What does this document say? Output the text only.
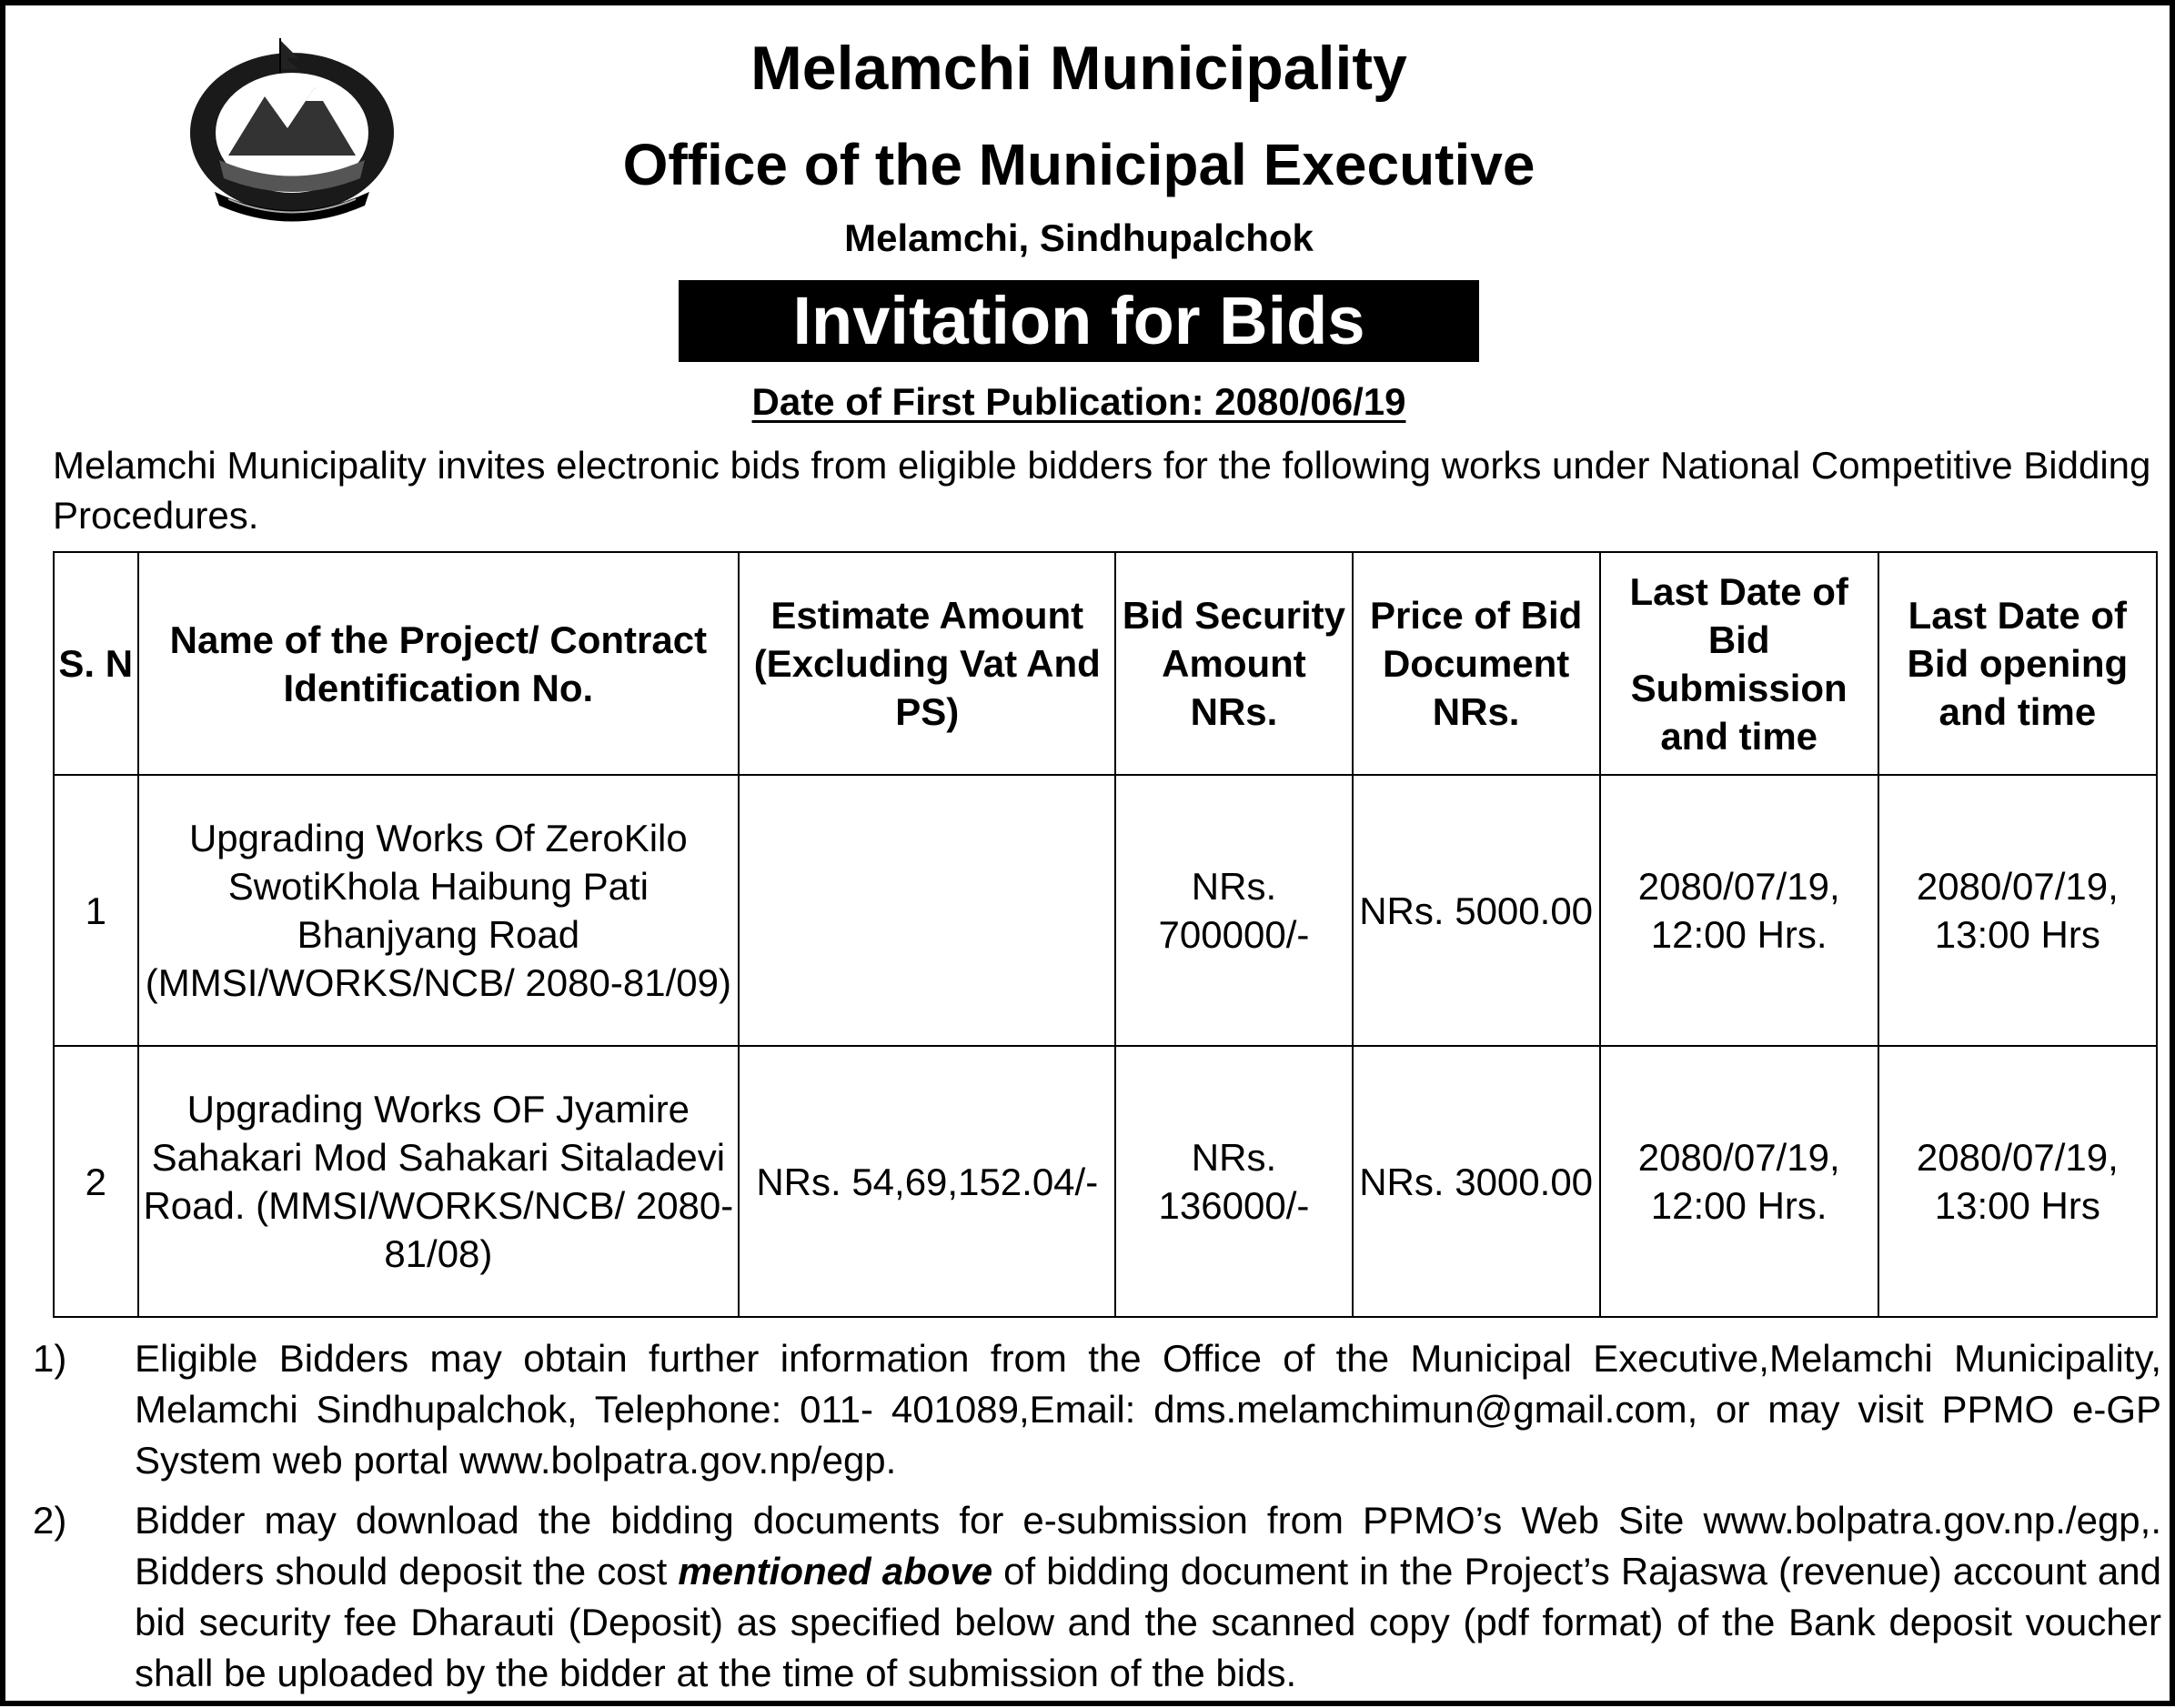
Melamchi Municipality
Office of the Municipal Executive
Melamchi, Sindhupalchok
Invitation for Bids
Date of First Publication: 2080/06/19
Melamchi Municipality invites electronic bids from eligible bidders for the following works under National Competitive Bidding Procedures.
S. N	Name of the Project/ Contract Identification No.	Estimate Amount (Excluding Vat And PS)	Bid Security Amount NRs.	Price of Bid Document NRs.	Last Date of Bid Submission and time	Last Date of Bid opening and time
1	Upgrading Works Of ZeroKilo SwotiKhola Haibung Pati Bhanjyang Road (MMSI/WORKS/NCB/ 2080-81/09)		NRs. 700000/-	NRs. 5000.00	2080/07/19, 12:00 Hrs.	2080/07/19, 13:00 Hrs
2	Upgrading Works OF Jyamire Sahakari Mod Sahakari Sitaladevi Road. (MMSI/WORKS/NCB/ 2080-81/08)	NRs. 54,69,152.04/-	NRs. 136000/-	NRs. 3000.00	2080/07/19, 12:00 Hrs.	2080/07/19, 13:00 Hrs
1)	Eligible Bidders may obtain further information from the Office of the Municipal Executive,Melamchi Municipality, Melamchi Sindhupalchok, Telephone: 011- 401089,Email: dms.melamchimun@gmail.com, or may visit PPMO e-GP System web portal www.bolpatra.gov.np/egp.
2)	Bidder may download the bidding documents for e-submission from PPMO’s Web Site www.bolpatra.gov.np./egp,. Bidders should deposit the cost mentioned above of bidding document in the Project’s Rajaswa (revenue) account and bid security fee Dharauti (Deposit) as specified below and the scanned copy (pdf format) of the Bank deposit voucher shall be uploaded by the bidder at the time of submission of the bids.
